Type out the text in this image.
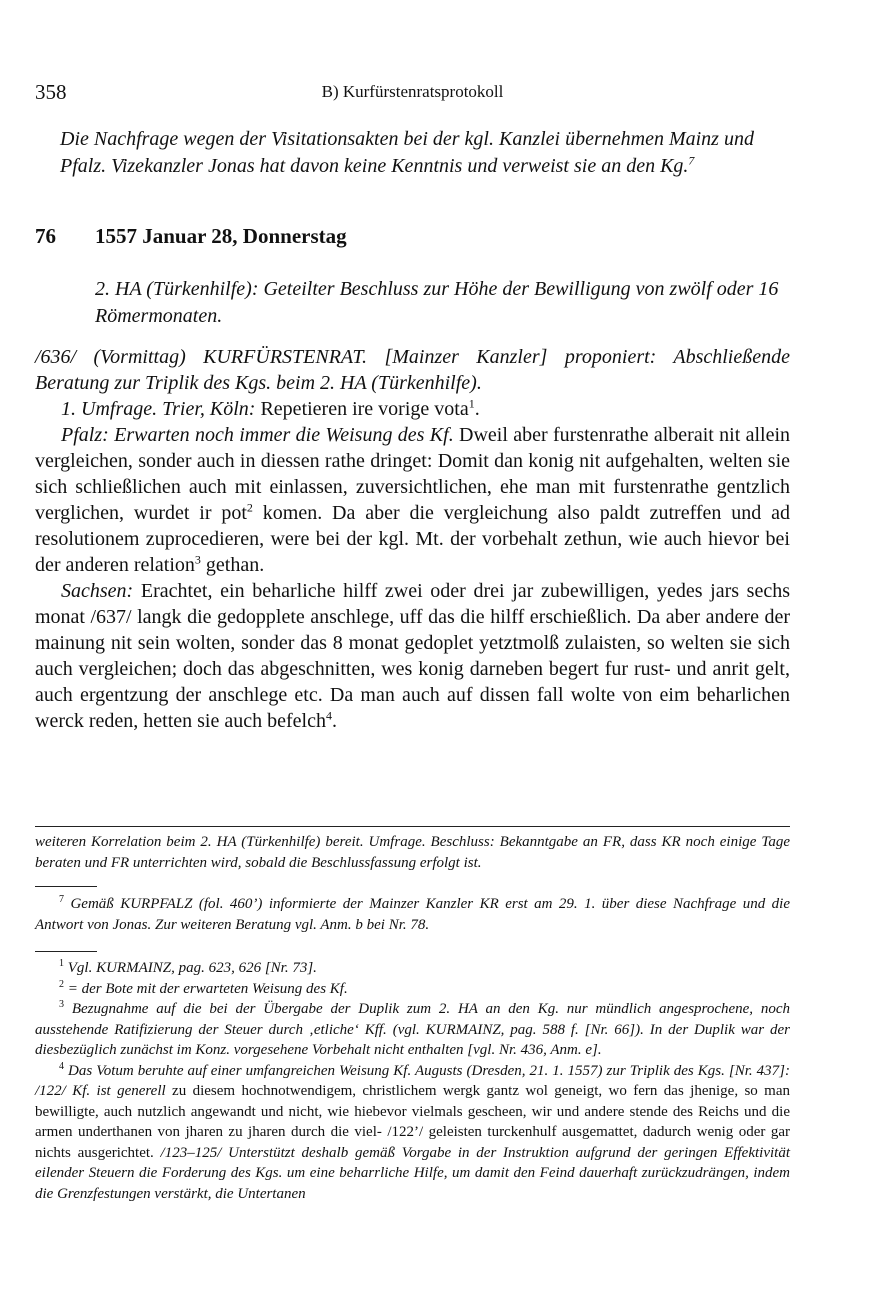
358	B) Kurfürstenratsprotokoll
Die Nachfrage wegen der Visitationsakten bei der kgl. Kanzlei übernehmen Mainz und Pfalz. Vizekanzler Jonas hat davon keine Kenntnis und verweist sie an den Kg.$^7$
76 1557 Januar 28, Donnerstag
2. HA (Türkenhilfe): Geteilter Beschluss zur Höhe der Bewilligung von zwölf oder 16 Römermonaten.

/636/ (Vormittag) KURFÜRSTENRAT. [Mainzer Kanzler] proponiert: Abschließende Beratung zur Triplik des Kgs. beim 2. HA (Türkenhilfe).

1. Umfrage. Trier, Köln: Repetieren ire vorige vota$^1$.

Pfalz: Erwarten noch immer die Weisung des Kf. Dweil aber furstenrathe alberait nit allein vergleichen, sonder auch in diessen rathe dringet: Domit dan konig nit aufgehalten, welten sie sich schließlichen auch mit einlassen, zuversichtlichen, ehe man mit furstenrathe gentzlich verglichen, wurdet ir pot$^2$ komen. Da aber die vergleichung also paldt zutreffen und ad resolutionem zuprocedieren, were bei der kgl. Mt. der vorbehalt zethun, wie auch hievor bei der anderen relation$^3$ gethan.

Sachsen: Erachtet, ein beharliche hilff zwei oder drei jar zubewilligen, yedes jars sechs monat /637/ langk die gedopplete anschlege, uff das die hilff erschießlich. Da aber andere der mainung nit sein wolten, sonder das 8 monat gedoplet yetztmolß zulaisten, so welten sie sich auch vergleichen; doch das abgeschnitten, wes konig darneben begert fur rust- und anrit gelt, auch ergentzung der anschlege etc. Da man auch auf dissen fall wolte von eim beharlichen werck reden, hetten sie auch befelch$^4$.

weiteren Korrelation beim 2. HA (Türkenhilfe) bereit. Umfrage. Beschluss: Bekanntgabe an FR, dass KR noch einige Tage beraten und FR unterrichten wird, sobald die Beschlussfassung erfolgt ist.

$^7$ Gemäß KURPFALZ (fol. 460’) informierte der Mainzer Kanzler KR erst am 29. 1. über diese Nachfrage und die Antwort von Jonas. Zur weiteren Beratung vgl. Anm. b bei Nr. 78.

$^1$ Vgl. KURMAINZ, pag. 623, 626 [Nr. 73].

$^2$ = der Bote mit der erwarteten Weisung des Kf.

$^3$ Bezugnahme auf die bei der Übergabe der Duplik zum 2. HA an den Kg. nur mündlich angesprochene, noch ausstehende Ratifizierung der Steuer durch ‚etliche‘ Kff. (vgl. KURMAINZ, pag. 588 f. [Nr. 66]). In der Duplik war der diesbezüglich zunächst im Konz. vorgesehene Vorbehalt nicht enthalten [vgl. Nr. 436, Anm. e].

$^4$ Das Votum beruhte auf einer umfangreichen Weisung Kf. Augusts (Dresden, 21. 1. 1557) zur Triplik des Kgs. [Nr. 437]: /122/ Kf. ist generell zu diesem hochnotwendigem, christlichem wergk gantz wol geneigt, wo fern das jhenige, so man bewilligte, auch nutzlich angewandt und nicht, wie hiebevor vielmals gescheen, wir und andere stende des Reichs und die armen underthanen von jharen zu jharen durch die viel- /122’/ geleisten turckenhulf ausgemattet, dadurch wenig oder gar nichts ausgerichtet. /123–125/ Unterstützt deshalb gemäß Vorgabe in der Instruktion aufgrund der geringen Effektivität eilender Steuern die Forderung des Kgs. um eine beharrliche Hilfe, um damit den Feind dauerhaft zurückzudrängen, indem die Grenzfestungen verstärkt, die Untertanen
